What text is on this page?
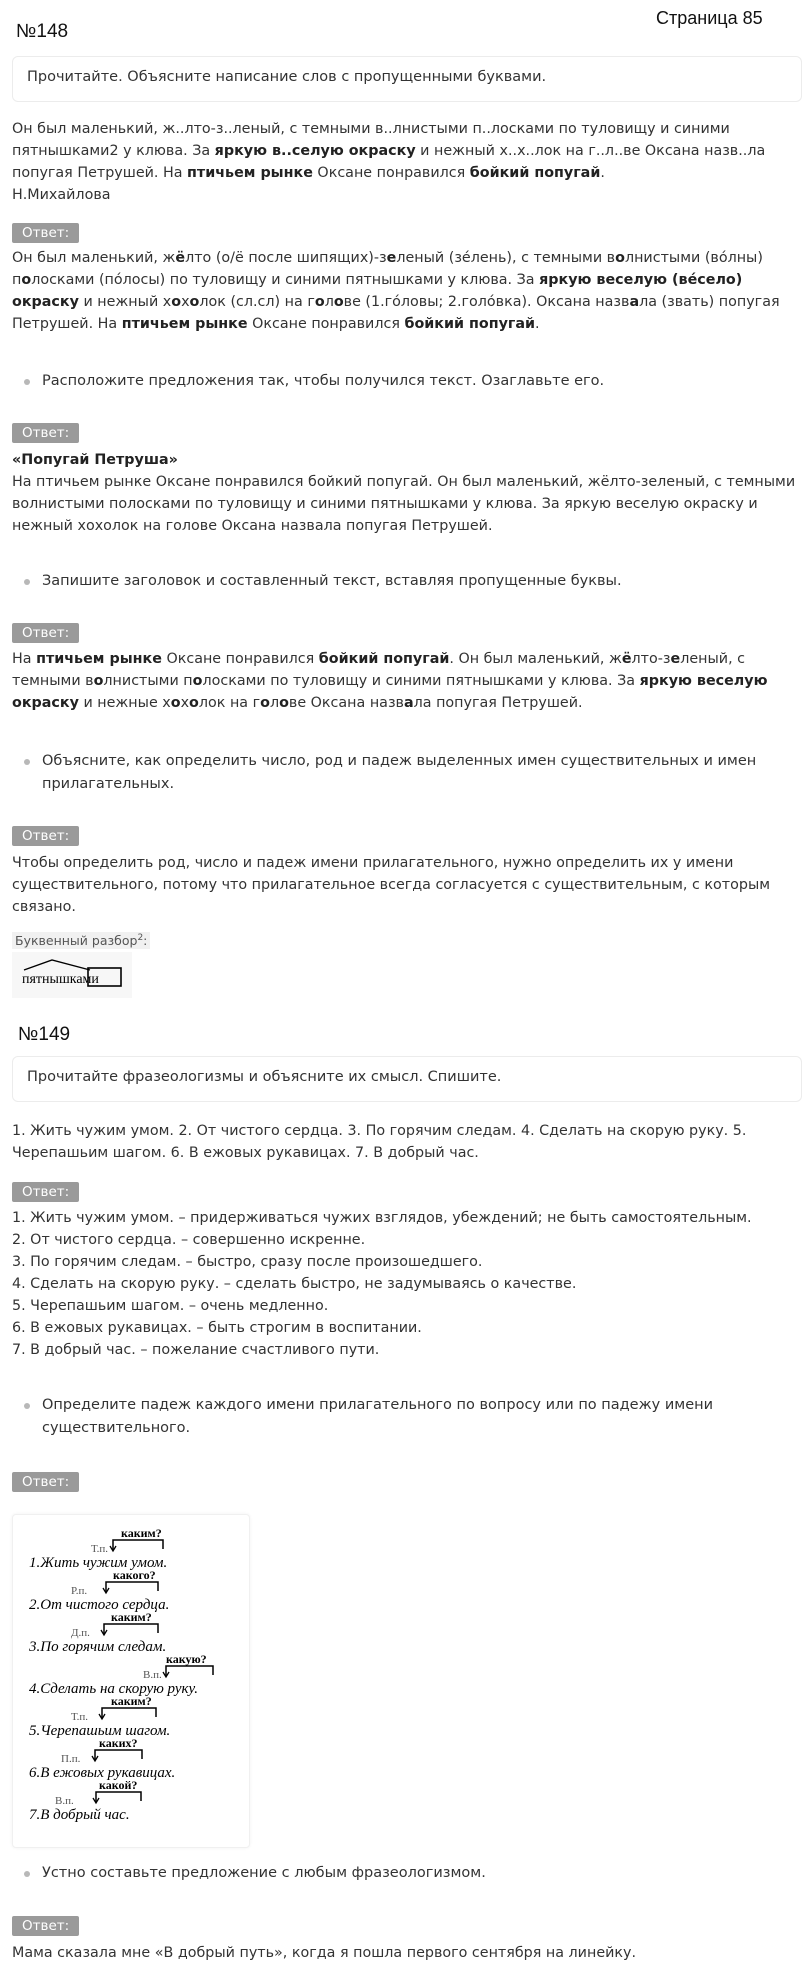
Страница 85
№148
Прочитайте. Объясните написание слов с пропущенными буквами.
Он был маленький, ж..лто-з..леный, с темными в..лнистыми п..лосками по туловищу и синими пятнышками2 у клюва. За яркую в..селую окраску и нежный х..х..лок на г..л..ве Оксана назв..ла попугая Петрушей. На птичьем рынке Оксане понравился бойкий попугай.
Н.Михайлова
Ответ:
Он был маленький, жёлто (о/ё после шипящих)-зеленый (зе́лень), с темными волнистыми (во́лны) полосками (по́лосы) по туловищу и синими пятнышками у клюва. За яркую веселую (ве́село) окраску и нежный хохолок (сл.сл) на голове (1.го́ловы; 2.голо́вка). Оксана назвала (звать) попугая Петрушей. На птичьем рынке Оксане понравился бойкий попугай.
Расположите предложения так, чтобы получился текст. Озаглавьте его.
Ответ:
«Попугай Петруша»
На птичьем рынке Оксане понравился бойкий попугай. Он был маленький, жёлто-зеленый, с темными волнистыми полосками по туловищу и синими пятнышками у клюва. За яркую веселую окраску и нежный хохолок на голове Оксана назвала попугая Петрушей.
Запишите заголовок и составленный текст, вставляя пропущенные буквы.
Ответ:
На птичьем рынке Оксане понравился бойкий попугай. Он был маленький, жёлто-зеленый, с темными волнистыми полосками по туловищу и синими пятнышками у клюва. За яркую веселую окраску и нежные хохолок на голове Оксана назвала попугая Петрушей.
Объясните, как определить число, род и падеж выделенных имен существительных и имен прилагательных.
Ответ:
Чтобы определить род, число и падеж имени прилагательного, нужно определить их у имени существительного, потому что прилагательное всегда согласуется с существительным, с которым связано.
Буквенный разбор$^2$:
пятнышками
№149
Прочитайте фразеологизмы и объясните их смысл. Спишите.
1. Жить чужим умом. 2. От чистого сердца. 3. По горячим следам. 4. Сделать на скорую руку. 5. Черепашьим шагом. 6. В ежовых рукавицах. 7. В добрый час.
Ответ:
1. Жить чужим умом. – придерживаться чужих взглядов, убеждений; не быть самостоятельным.
2. От чистого сердца. – совершенно искренне.
3. По горячим следам. – быстро, сразу после произошедшего.
4. Сделать на скорую руку. – сделать быстро, не задумываясь о качестве.
5. Черепашьим шагом. – очень медленно.
6. В ежовых рукавицах. – быть строгим в воспитании.
7. В добрый час. – пожелание счастливого пути.
Определите падеж каждого имени прилагательного по вопросу или по падежу имени существительного.
Ответ:
каким?
Т.п.
1.Жить чужим умом.
какого?
Р.п.
2.От чистого сердца.
каким?
Д.п.
3.По горячим следам.
какую?
В.п.
4.Сделать на скорую руку.
каким?
Т.п.
5.Черепашьим шагом.
каких?
П.п.
6.В ежовых рукавицах.
какой?
В.п.
7.В добрый час.
Устно составьте предложение с любым фразеологизмом.
Ответ:
Мама сказала мне «В добрый путь», когда я пошла первого сентября на линейку.
